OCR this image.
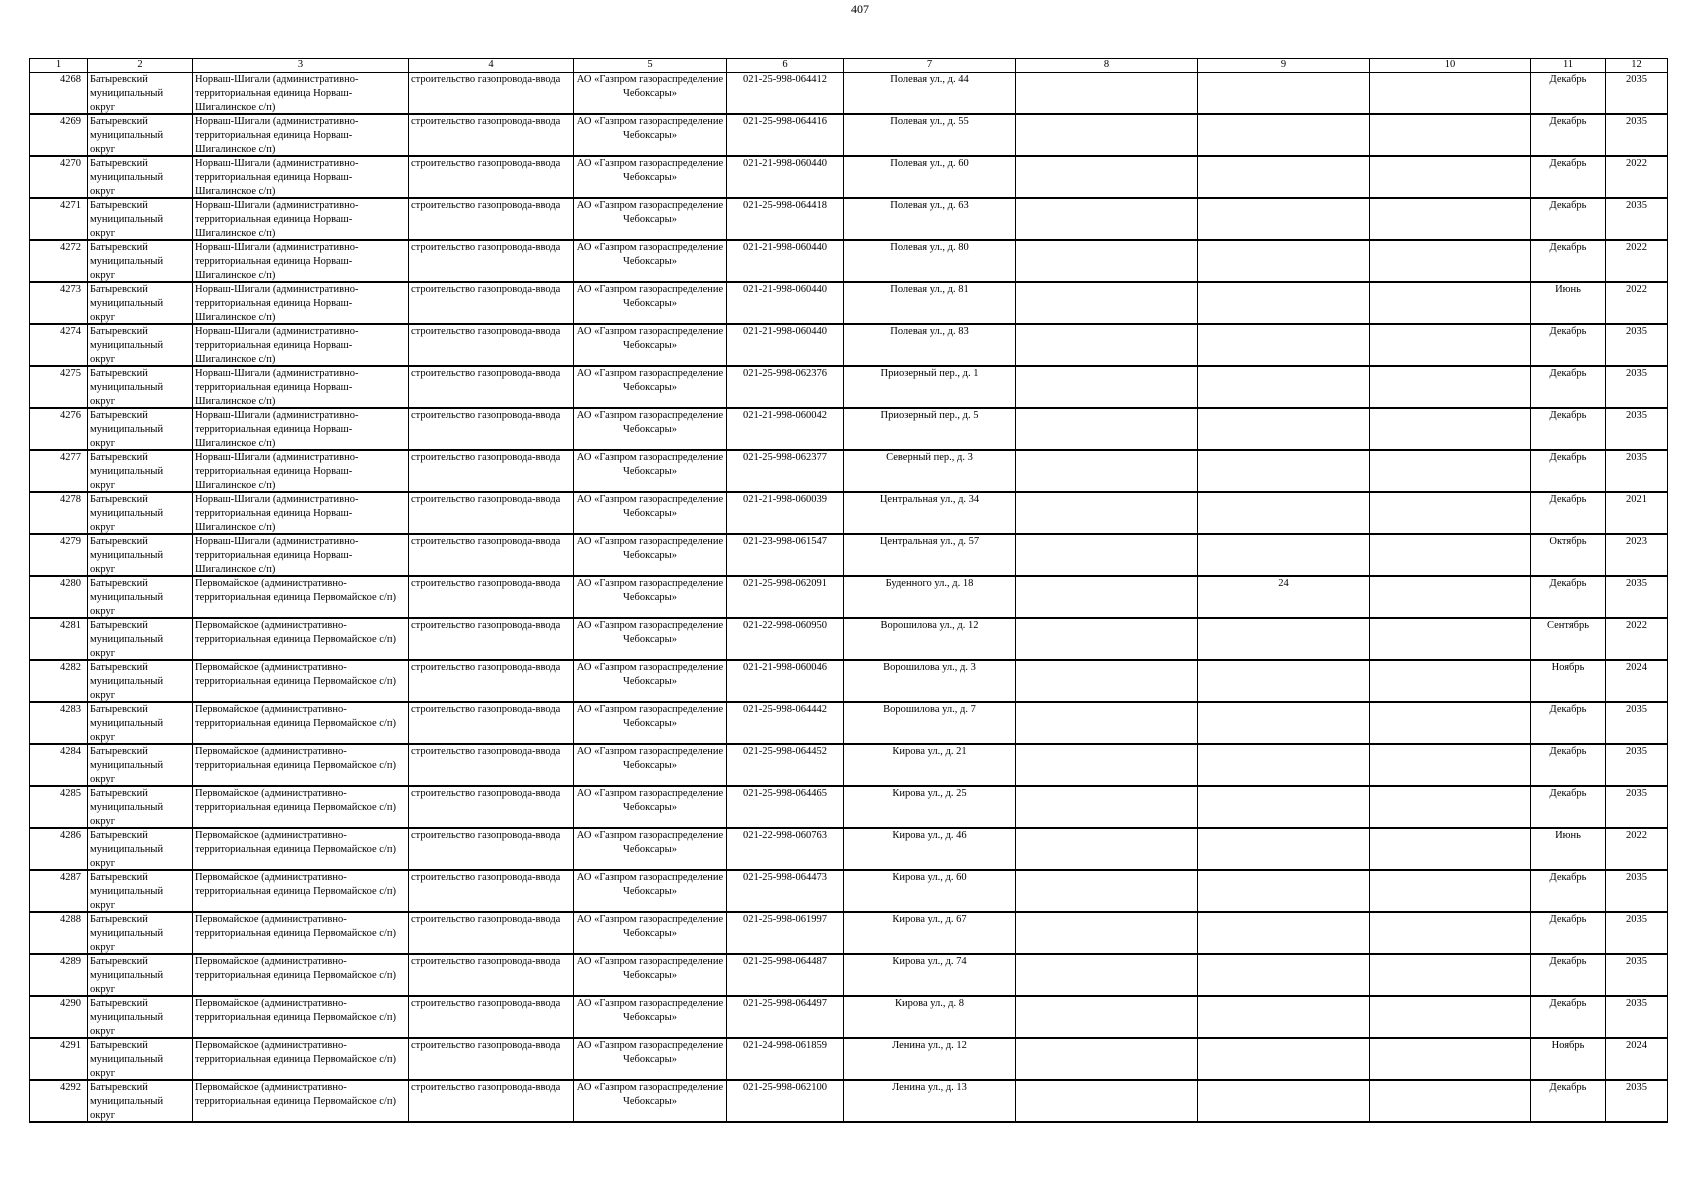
407
1	2	3	4	5	6	7	8	9	10	11	12

4268	Батыревский муниципальный округ	Норваш-Шигали (административно-территориальная единица Норваш-Шигалинское с/п)	строительство газопровода-ввода	АО «Газпром газораспределение Чебоксары»	021-25-998-064412	Полевая ул., д. 44				Декабрь	2035

4269	Батыревский муниципальный округ	Норваш-Шигали (административно-территориальная единица Норваш-Шигалинское с/п)	строительство газопровода-ввода	АО «Газпром газораспределение Чебоксары»	021-25-998-064416	Полевая ул., д. 55				Декабрь	2035

4270	Батыревский муниципальный округ	Норваш-Шигали (административно-территориальная единица Норваш-Шигалинское с/п)	строительство газопровода-ввода	АО «Газпром газораспределение Чебоксары»	021-21-998-060440	Полевая ул., д. 60				Декабрь	2022

4271	Батыревский муниципальный округ	Норваш-Шигали (административно-территориальная единица Норваш-Шигалинское с/п)	строительство газопровода-ввода	АО «Газпром газораспределение Чебоксары»	021-25-998-064418	Полевая ул., д. 63				Декабрь	2035

4272	Батыревский муниципальный округ	Норваш-Шигали (административно-территориальная единица Норваш-Шигалинское с/п)	строительство газопровода-ввода	АО «Газпром газораспределение Чебоксары»	021-21-998-060440	Полевая ул., д. 80				Декабрь	2022

4273	Батыревский муниципальный округ	Норваш-Шигали (административно-территориальная единица Норваш-Шигалинское с/п)	строительство газопровода-ввода	АО «Газпром газораспределение Чебоксары»	021-21-998-060440	Полевая ул., д. 81				Июнь	2022

4274	Батыревский муниципальный округ	Норваш-Шигали (административно-территориальная единица Норваш-Шигалинское с/п)	строительство газопровода-ввода	АО «Газпром газораспределение Чебоксары»	021-21-998-060440	Полевая ул., д. 83				Декабрь	2035

4275	Батыревский муниципальный округ	Норваш-Шигали (административно-территориальная единица Норваш-Шигалинское с/п)	строительство газопровода-ввода	АО «Газпром газораспределение Чебоксары»	021-25-998-062376	Приозерный пер., д. 1				Декабрь	2035

4276	Батыревский муниципальный округ	Норваш-Шигали (административно-территориальная единица Норваш-Шигалинское с/п)	строительство газопровода-ввода	АО «Газпром газораспределение Чебоксары»	021-21-998-060042	Приозерный пер., д. 5				Декабрь	2035

4277	Батыревский муниципальный округ	Норваш-Шигали (административно-территориальная единица Норваш-Шигалинское с/п)	строительство газопровода-ввода	АО «Газпром газораспределение Чебоксары»	021-25-998-062377	Северный пер., д. 3				Декабрь	2035

4278	Батыревский муниципальный округ	Норваш-Шигали (административно-территориальная единица Норваш-Шигалинское с/п)	строительство газопровода-ввода	АО «Газпром газораспределение Чебоксары»	021-21-998-060039	Центральная ул., д. 34				Декабрь	2021

4279	Батыревский муниципальный округ	Норваш-Шигали (административно-территориальная единица Норваш-Шигалинское с/п)	строительство газопровода-ввода	АО «Газпром газораспределение Чебоксары»	021-23-998-061547	Центральная ул., д. 57				Октябрь	2023

4280	Батыревский муниципальный округ	Первомайское (административно-территориальная единица Первомайское с/п)	строительство газопровода-ввода	АО «Газпром газораспределение Чебоксары»	021-25-998-062091	Буденного ул., д. 18		24		Декабрь	2035

4281	Батыревский муниципальный округ	Первомайское (административно-территориальная единица Первомайское с/п)	строительство газопровода-ввода	АО «Газпром газораспределение Чебоксары»	021-22-998-060950	Ворошилова ул., д. 12				Сентябрь	2022

4282	Батыревский муниципальный округ	Первомайское (административно-территориальная единица Первомайское с/п)	строительство газопровода-ввода	АО «Газпром газораспределение Чебоксары»	021-21-998-060046	Ворошилова ул., д. 3				Ноябрь	2024

4283	Батыревский муниципальный округ	Первомайское (административно-территориальная единица Первомайское с/п)	строительство газопровода-ввода	АО «Газпром газораспределение Чебоксары»	021-25-998-064442	Ворошилова ул., д. 7				Декабрь	2035

4284	Батыревский муниципальный округ	Первомайское (административно-территориальная единица Первомайское с/п)	строительство газопровода-ввода	АО «Газпром газораспределение Чебоксары»	021-25-998-064452	Кирова ул., д. 21				Декабрь	2035

4285	Батыревский муниципальный округ	Первомайское (административно-территориальная единица Первомайское с/п)	строительство газопровода-ввода	АО «Газпром газораспределение Чебоксары»	021-25-998-064465	Кирова ул., д. 25				Декабрь	2035

4286	Батыревский муниципальный округ	Первомайское (административно-территориальная единица Первомайское с/п)	строительство газопровода-ввода	АО «Газпром газораспределение Чебоксары»	021-22-998-060763	Кирова ул., д. 46				Июнь	2022

4287	Батыревский муниципальный округ	Первомайское (административно-территориальная единица Первомайское с/п)	строительство газопровода-ввода	АО «Газпром газораспределение Чебоксары»	021-25-998-064473	Кирова ул., д. 60				Декабрь	2035

4288	Батыревский муниципальный округ	Первомайское (административно-территориальная единица Первомайское с/п)	строительство газопровода-ввода	АО «Газпром газораспределение Чебоксары»	021-25-998-061997	Кирова ул., д. 67				Декабрь	2035

4289	Батыревский муниципальный округ	Первомайское (административно-территориальная единица Первомайское с/п)	строительство газопровода-ввода	АО «Газпром газораспределение Чебоксары»	021-25-998-064487	Кирова ул., д. 74				Декабрь	2035

4290	Батыревский муниципальный округ	Первомайское (административно-территориальная единица Первомайское с/п)	строительство газопровода-ввода	АО «Газпром газораспределение Чебоксары»	021-25-998-064497	Кирова ул., д. 8				Декабрь	2035

4291	Батыревский муниципальный округ	Первомайское (административно-территориальная единица Первомайское с/п)	строительство газопровода-ввода	АО «Газпром газораспределение Чебоксары»	021-24-998-061859	Ленина ул., д. 12				Ноябрь	2024

4292	Батыревский муниципальный округ	Первомайское (административно-территориальная единица Первомайское с/п)	строительство газопровода-ввода	АО «Газпром газораспределение Чебоксары»	021-25-998-062100	Ленина ул., д. 13				Декабрь	2035
